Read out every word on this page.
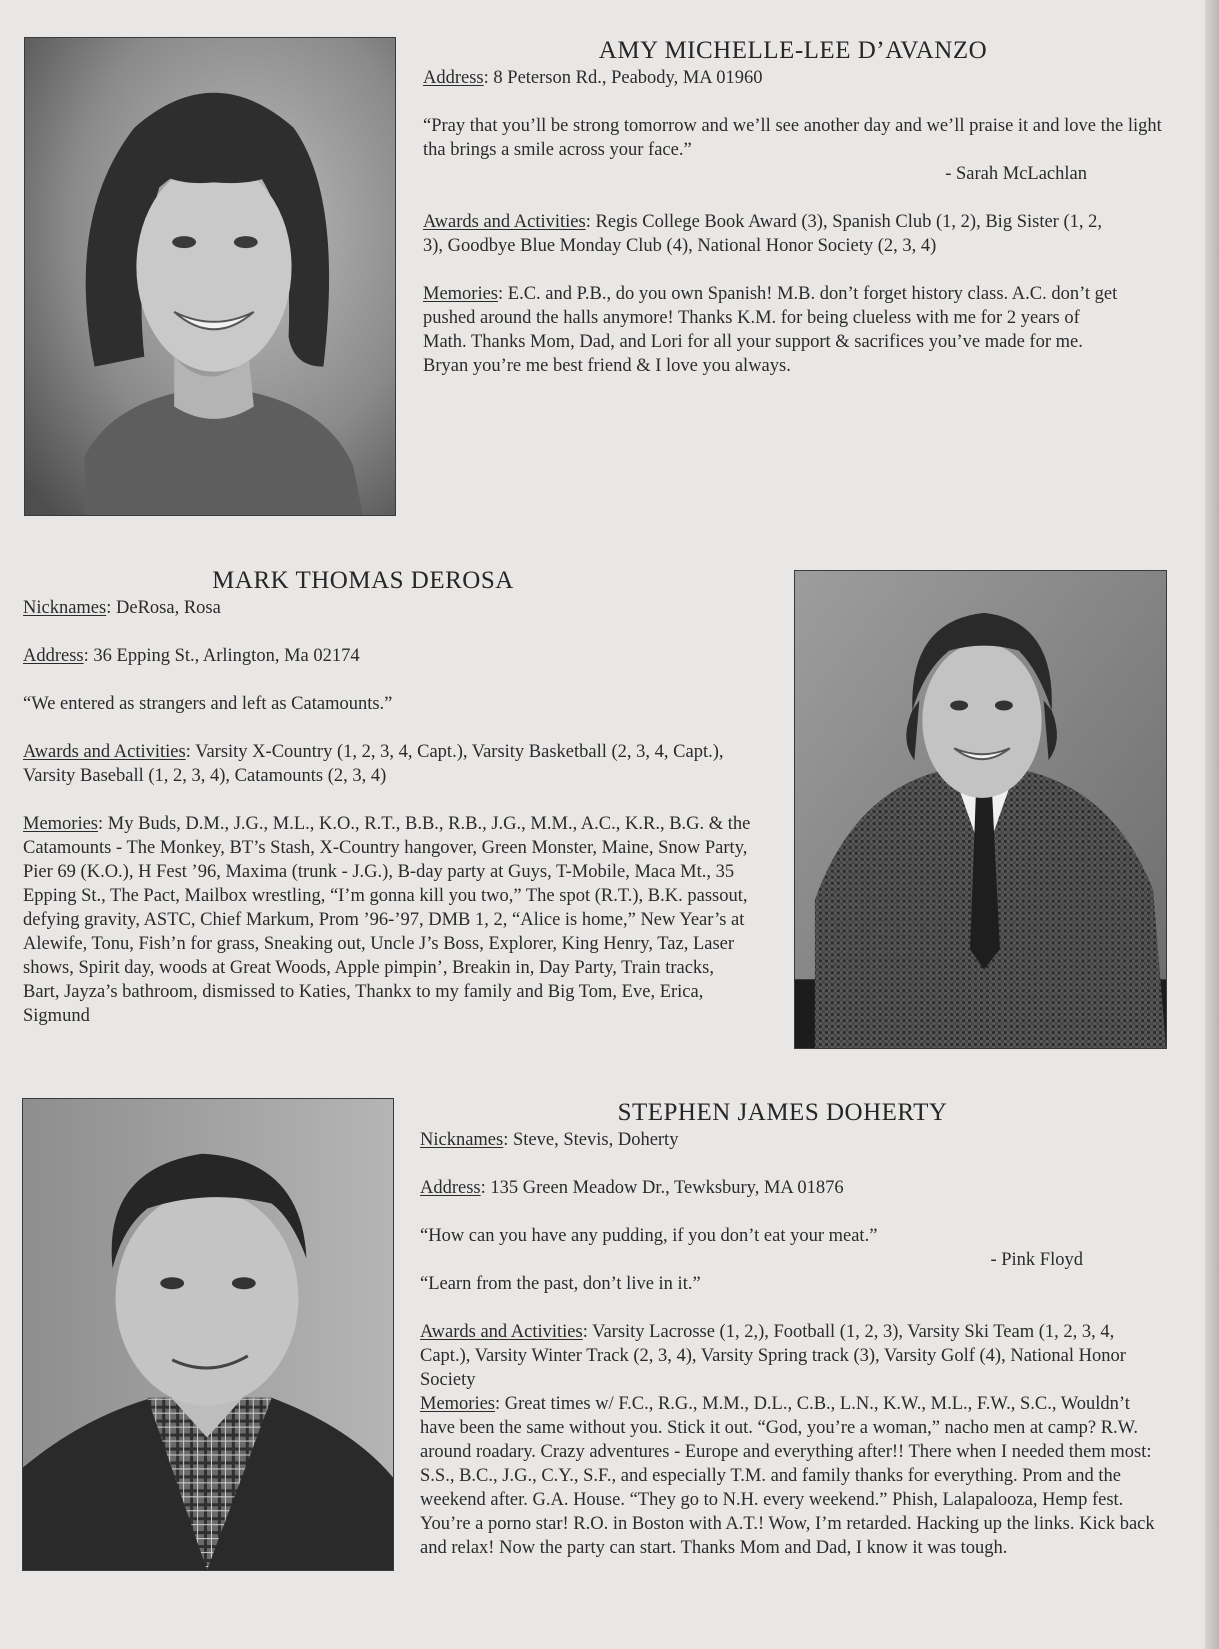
AMY MICHELLE-LEE D’AVANZO

Address: 8 Peterson Rd., Peabody, MA 01960

“Pray that you’ll be strong tomorrow and we’ll see another day and we’ll praise it and love the light tha brings a smile across your face.”

- Sarah McLachlan

Awards and Activities: Regis College Book Award (3), Spanish Club (1, 2), Big Sister (1, 2, 3), Goodbye Blue Monday Club (4), National Honor Society (2, 3, 4)

Memories: E.C. and P.B., do you own Spanish! M.B. don’t forget history class. A.C. don’t get pushed around the halls anymore! Thanks K.M. for being clueless with me for 2 years of Math. Thanks Mom, Dad, and Lori for all your support & sacrifices you’ve made for me. Bryan you’re me best friend & I love you always.

MARK THOMAS DEROSA

Nicknames: DeRosa, Rosa

Address: 36 Epping St., Arlington, Ma 02174

“We entered as strangers and left as Catamounts.”

Awards and Activities: Varsity X-Country (1, 2, 3, 4, Capt.), Varsity Basketball (2, 3, 4, Capt.), Varsity Baseball (1, 2, 3, 4), Catamounts (2, 3, 4)

Memories: My Buds, D.M., J.G., M.L., K.O., R.T., B.B., R.B., J.G., M.M., A.C., K.R., B.G. & the Catamounts - The Monkey, BT’s Stash, X-Country hangover, Green Monster, Maine, Snow Party, Pier 69 (K.O.), H Fest ’96, Maxima (trunk - J.G.), B-day party at Guys, T-Mobile, Maca Mt., 35 Epping St., The Pact, Mailbox wrestling, “I’m gonna kill you two,” The spot (R.T.), B.K. passout, defying gravity, ASTC, Chief Markum, Prom ’96-’97, DMB 1, 2, “Alice is home,” New Year’s at Alewife, Tonu, Fish’n for grass, Sneaking out, Uncle J’s Boss, Explorer, King Henry, Taz, Laser shows, Spirit day, woods at Great Woods, Apple pimpin’, Breakin in, Day Party, Train tracks, Bart, Jayza’s bathroom, dismissed to Katies, Thankx to my family and Big Tom, Eve, Erica, Sigmund

STEPHEN JAMES DOHERTY

Nicknames: Steve, Stevis, Doherty

Address: 135 Green Meadow Dr., Tewksbury, MA 01876

“How can you have any pudding, if you don’t eat your meat.”

- Pink Floyd

“Learn from the past, don’t live in it.”

Awards and Activities: Varsity Lacrosse (1, 2,), Football (1, 2, 3), Varsity Ski Team (1, 2, 3, 4, Capt.), Varsity Winter Track (2, 3, 4), Varsity Spring track (3), Varsity Golf (4), National Honor Society

Memories: Great times w/ F.C., R.G., M.M., D.L., C.B., L.N., K.W., M.L., F.W., S.C., Wouldn’t have been the same without you. Stick it out. “God, you’re a woman,” nacho men at camp? R.W. around roadary. Crazy adventures - Europe and everything after!! There when I needed them most: S.S., B.C., J.G., C.Y., S.F., and especially T.M. and family thanks for everything. Prom and the weekend after. G.A. House. “They go to N.H. every weekend.” Phish, Lalapalooza, Hemp fest. You’re a porno star! R.O. in Boston with A.T.! Wow, I’m retarded. Hacking up the links. Kick back and relax! Now the party can start. Thanks Mom and Dad, I know it was tough.
